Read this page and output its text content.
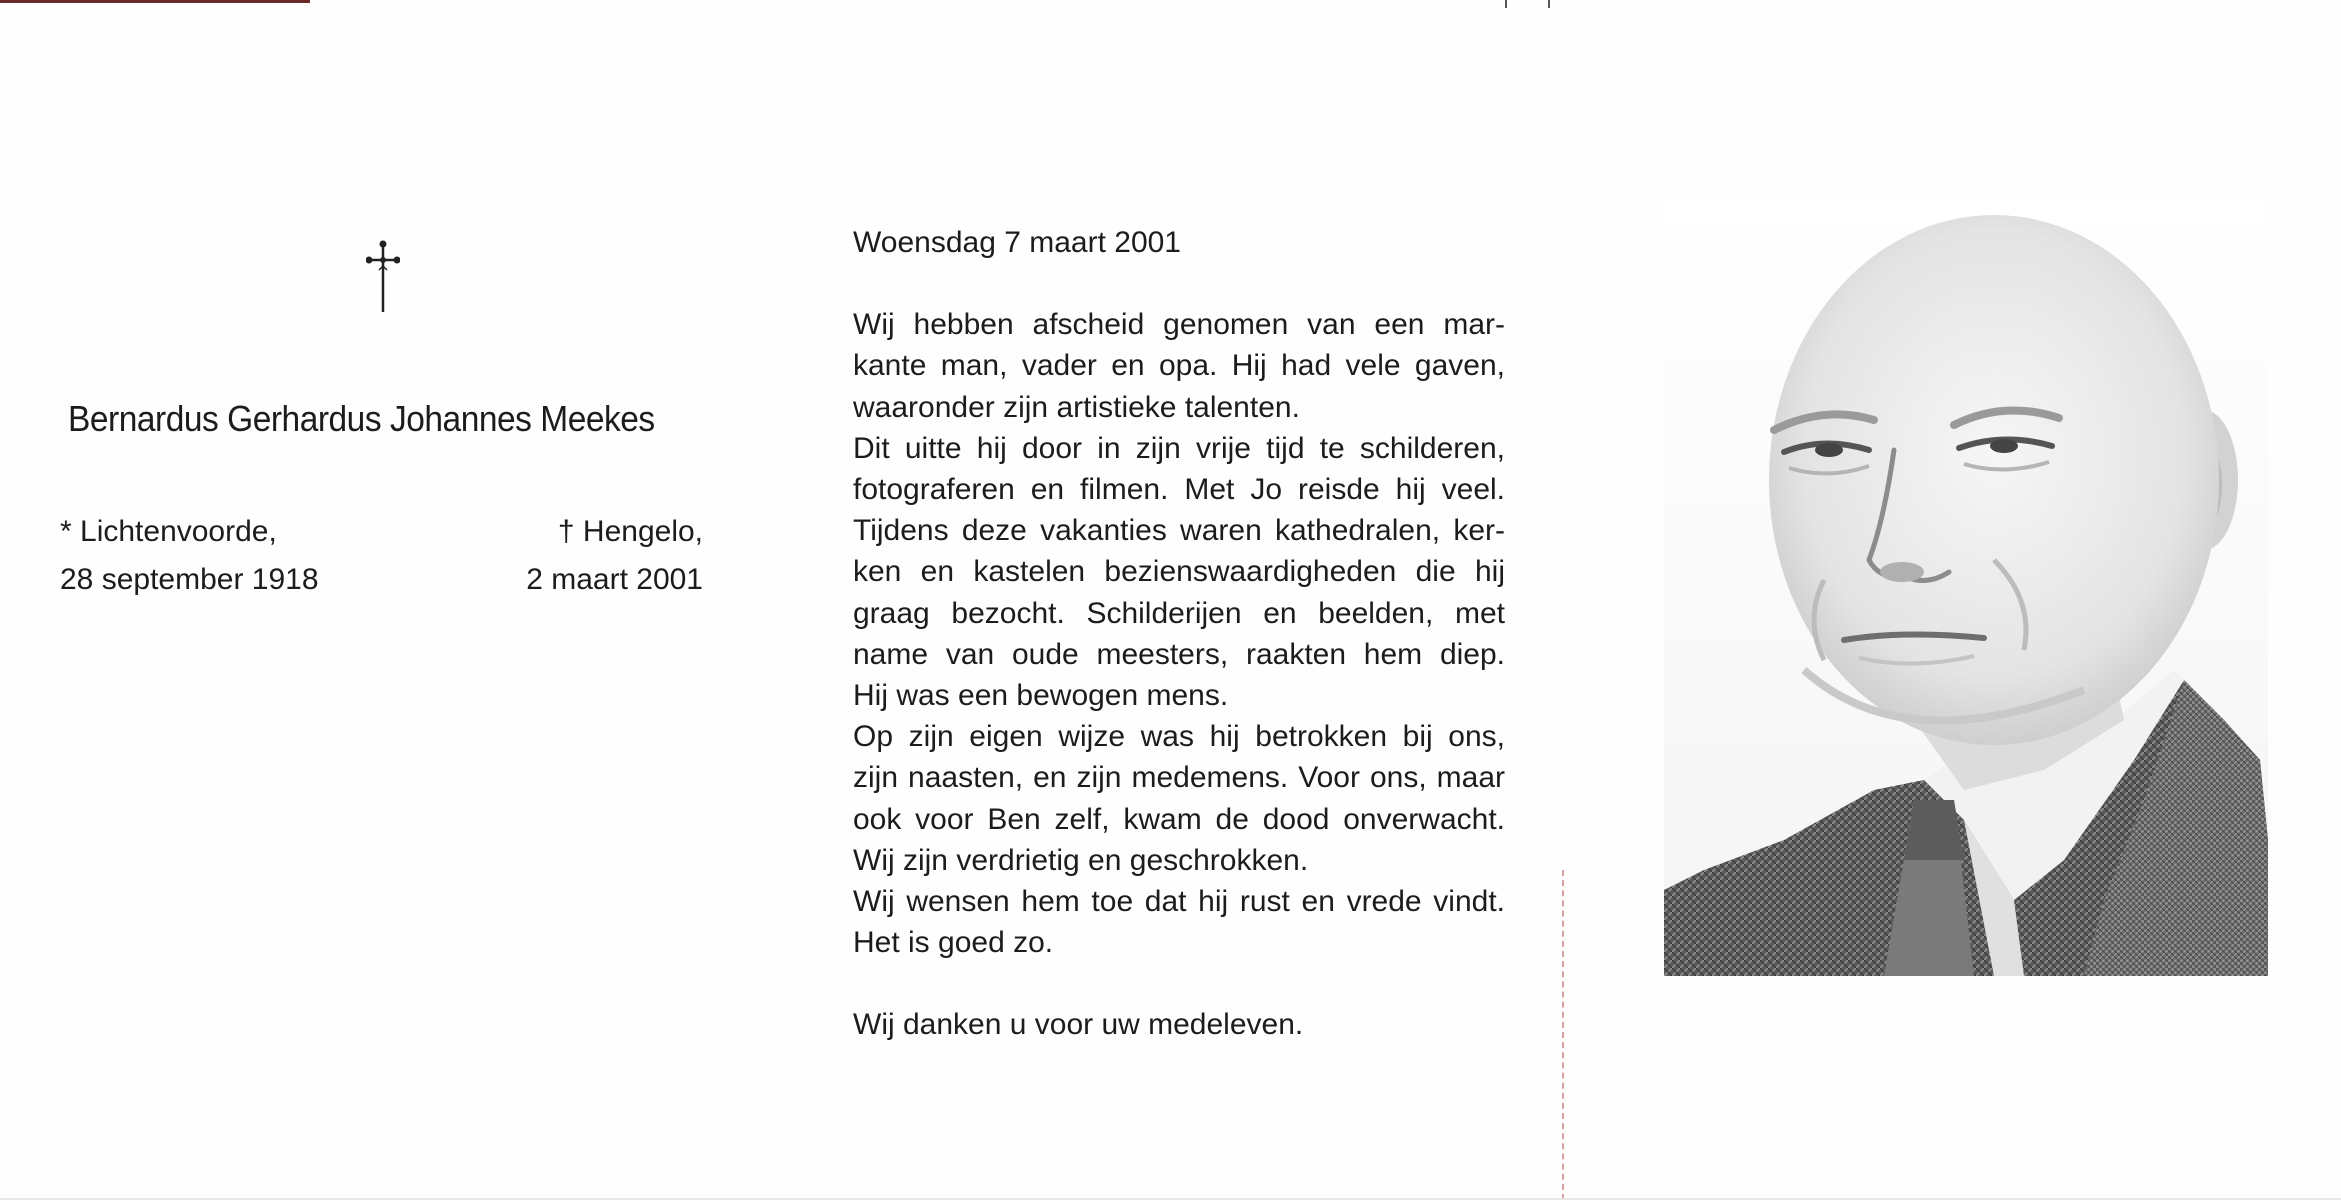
Bernardus Gerhardus Johannes Meekes
* Lichtenvoorde,
28 september 1918
† Hengelo,
2 maart 2001
Woensdag 7 maart 2001
Wij hebben afscheid genomen van een mar-
kante man, vader en opa. Hij had vele gaven,
waaronder zijn artistieke talenten.
Dit uitte hij door in zijn vrije tijd te schilderen,
fotograferen en filmen. Met Jo reisde hij veel.
Tijdens deze vakanties waren kathedralen, ker-
ken en kastelen bezienswaardigheden die hij
graag bezocht. Schilderijen en beelden, met
name van oude meesters, raakten hem diep.
Hij was een bewogen mens.
Op zijn eigen wijze was hij betrokken bij ons,
zijn naasten, en zijn medemens. Voor ons, maar
ook voor Ben zelf, kwam de dood onverwacht.
Wij zijn verdrietig en geschrokken.
Wij wensen hem toe dat hij rust en vrede vindt.
Het is goed zo.
Wij danken u voor uw medeleven.
